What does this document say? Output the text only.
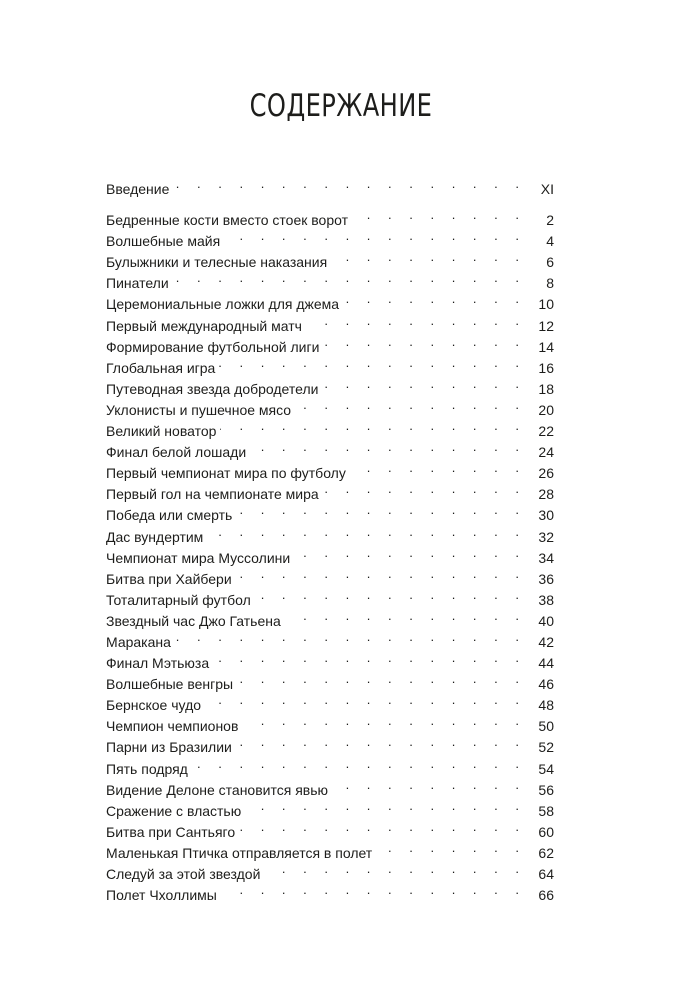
СОДЕРЖАНИЕ
Введение . . .	XI
Бедренные кости вместо стоек ворот . . .	2
Волшебные майя . . .	4
Булыжники и телесные наказания . . .	6
Пинатели . . .	8
Церемониальные ложки для джема . . .	10
Первый международный матч . . .	12
Формирование футбольной лиги . . .	14
Глобальная игра . . .	16
Путеводная звезда добродетели . . .	18
Уклонисты и пушечное мясо . . .	20
Великий новатор . . .	22
Финал белой лошади . . .	24
Первый чемпионат мира по футболу . . .	26
Первый гол на чемпионате мира . . .	28
Победа или смерть . . .	30
Дас вундертим . . .	32
Чемпионат мира Муссолини . . .	34
Битва при Хайбери . . .	36
Тоталитарный футбол . . .	38
Звездный час Джо Гатьена . . .	40
Маракана . . .	42
Финал Мэтьюза . . .	44
Волшебные венгры . . .	46
Бернское чудо . . .	48
Чемпион чемпионов . . .	50
Парни из Бразилии . . .	52
Пять подряд . . .	54
Видение Делоне становится явью . . .	56
Сражение с властью . . .	58
Битва при Сантьяго . . .	60
Маленькая Птичка отправляется в полет . . .	62
Следуй за этой звездой . . .	64
Полет Чхоллимы . . .	66
